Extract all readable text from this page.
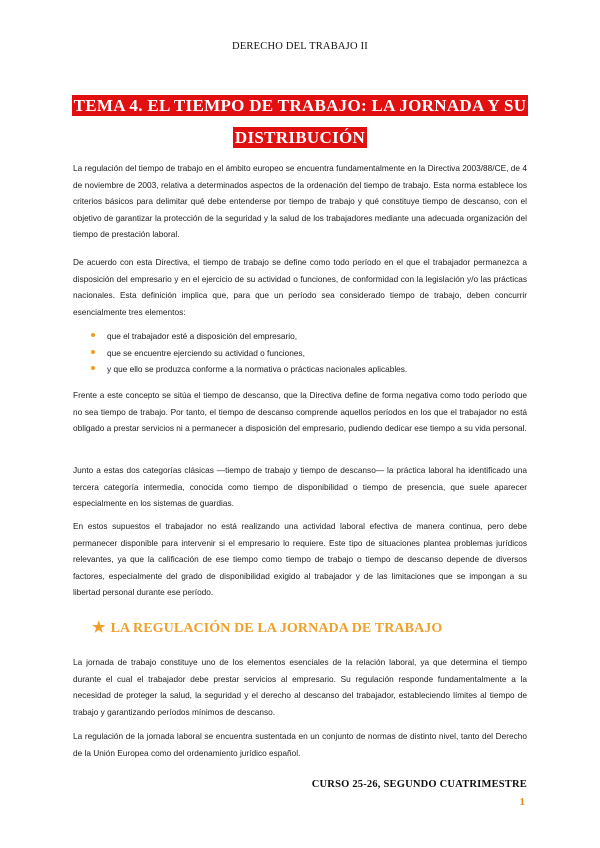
DERECHO DEL TRABAJO II
TEMA 4. EL TIEMPO DE TRABAJO: LA JORNADA Y SU
DISTRIBUCIÓN

La regulación del tiempo de trabajo en el ámbito europeo se encuentra fundamentalmente en la Directiva 2003/88/CE, de 4 de noviembre de 2003, relativa a determinados aspectos de la ordenación del tiempo de trabajo. Esta norma establece los criterios básicos para delimitar qué debe entenderse por tiempo de trabajo y qué constituye tiempo de descanso, con el objetivo de garantizar la protección de la seguridad y la salud de los trabajadores mediante una adecuada organización del tiempo de prestación laboral.

De acuerdo con esta Directiva, el tiempo de trabajo se define como todo período en el que el trabajador permanezca a disposición del empresario y en el ejercicio de su actividad o funciones, de conformidad con la legislación y/o las prácticas nacionales. Esta definición implica que, para que un período sea considerado tiempo de trabajo, deben concurrir esencialmente tres elementos:

que el trabajador esté a disposición del empresario,
que se encuentre ejerciendo su actividad o funciones,
y que ello se produzca conforme a la normativa o prácticas nacionales aplicables.

Frente a este concepto se sitúa el tiempo de descanso, que la Directiva define de forma negativa como todo período que no sea tiempo de trabajo. Por tanto, el tiempo de descanso comprende aquellos períodos en los que el trabajador no está obligado a prestar servicios ni a permanecer a disposición del empresario, pudiendo dedicar ese tiempo a su vida personal.

Junto a estas dos categorías clásicas —tiempo de trabajo y tiempo de descanso— la práctica laboral ha identificado una tercera categoría intermedia, conocida como tiempo de disponibilidad o tiempo de presencia, que suele aparecer especialmente en los sistemas de guardias.

En estos supuestos el trabajador no está realizando una actividad laboral efectiva de manera continua, pero debe permanecer disponible para intervenir si el empresario lo requiere. Este tipo de situaciones plantea problemas jurídicos relevantes, ya que la calificación de ese tiempo como tiempo de trabajo o tiempo de descanso depende de diversos factores, especialmente del grado de disponibilidad exigido al trabajador y de las limitaciones que se impongan a su libertad personal durante ese período.

★ LA REGULACIÓN DE LA JORNADA DE TRABAJO

La jornada de trabajo constituye uno de los elementos esenciales de la relación laboral, ya que determina el tiempo durante el cual el trabajador debe prestar servicios al empresario. Su regulación responde fundamentalmente a la necesidad de proteger la salud, la seguridad y el derecho al descanso del trabajador, estableciendo límites al tiempo de trabajo y garantizando períodos mínimos de descanso.

La regulación de la jornada laboral se encuentra sustentada en un conjunto de normas de distinto nivel, tanto del Derecho de la Unión Europea como del ordenamiento jurídico español.

CURSO 25-26, SEGUNDO CUATRIMESTRE
1
